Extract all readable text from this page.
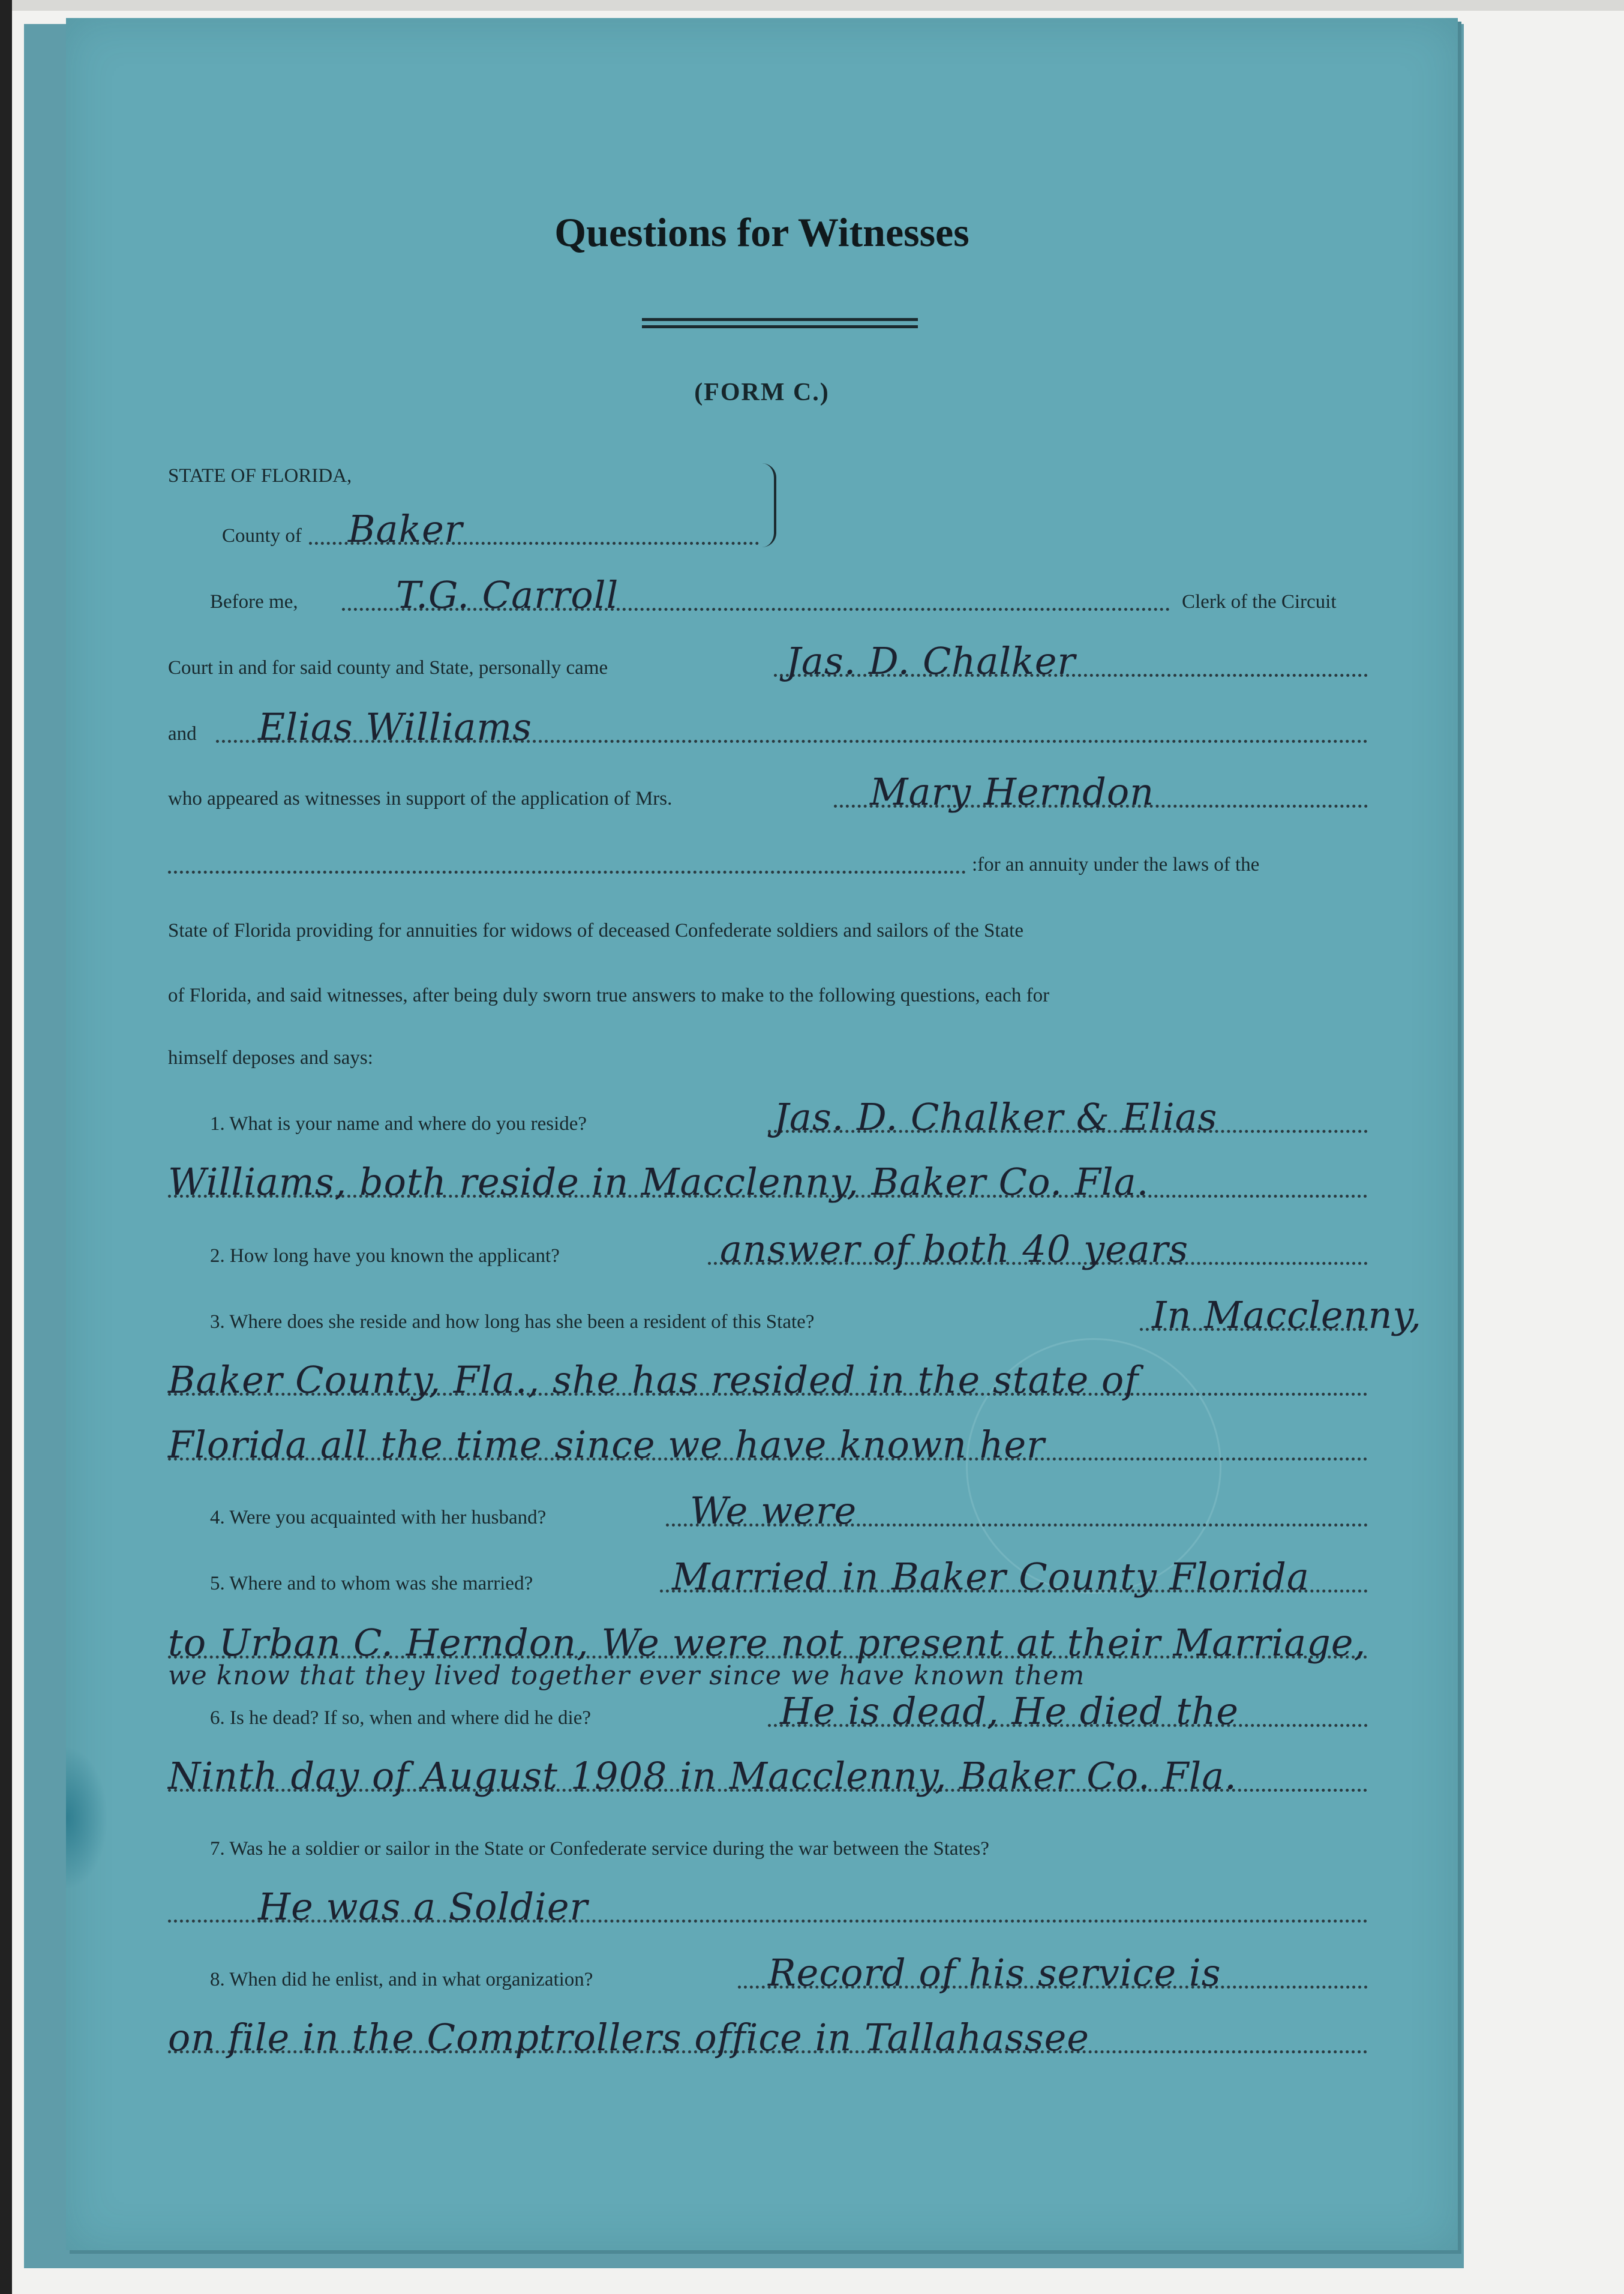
Questions for Witnesses
(FORM C.)
STATE OF FLORIDA,
County of Baker
Before me,	T.G. Carroll	Clerk of the Circuit
Court in and for said county and State, personally came	Jas. D. Chalker
and Elias Williams
who appeared as witnesses in support of the application of Mrs.	Mary Herndon
:for an annuity under the laws of the
State of Florida providing for annuities for widows of deceased Confederate soldiers and sailors of the State
of Florida, and said witnesses, after being duly sworn true answers to make to the following questions, each for
himself deposes and says:
1. What is your name and where do you reside?	Jas. D. Chalker & Elias
Williams, both reside in Macclenny, Baker Co. Fla.
2. How long have you known the applicant?	answer of both 40 years
3. Where does she reside and how long has she been a resident of this State?	In Macclenny,
Baker County, Fla., she has resided in the state of
Florida all the time since we have known her
4. Were you acquainted with her husband?	We were
5. Where and to whom was she married?	Married in Baker County Florida
to Urban C. Herndon, We were not present at their Marriage,
we know that they lived together ever since we have known them
6. Is he dead? If so, when and where did he die?	He is dead, He died the
Ninth day of August 1908 in Macclenny, Baker Co. Fla.
7. Was he a soldier or sailor in the State or Confederate service during the war between the States?
He was a Soldier
8. When did he enlist, and in what organization?	Record of his service is
on file in the Comptrollers office in Tallahassee
